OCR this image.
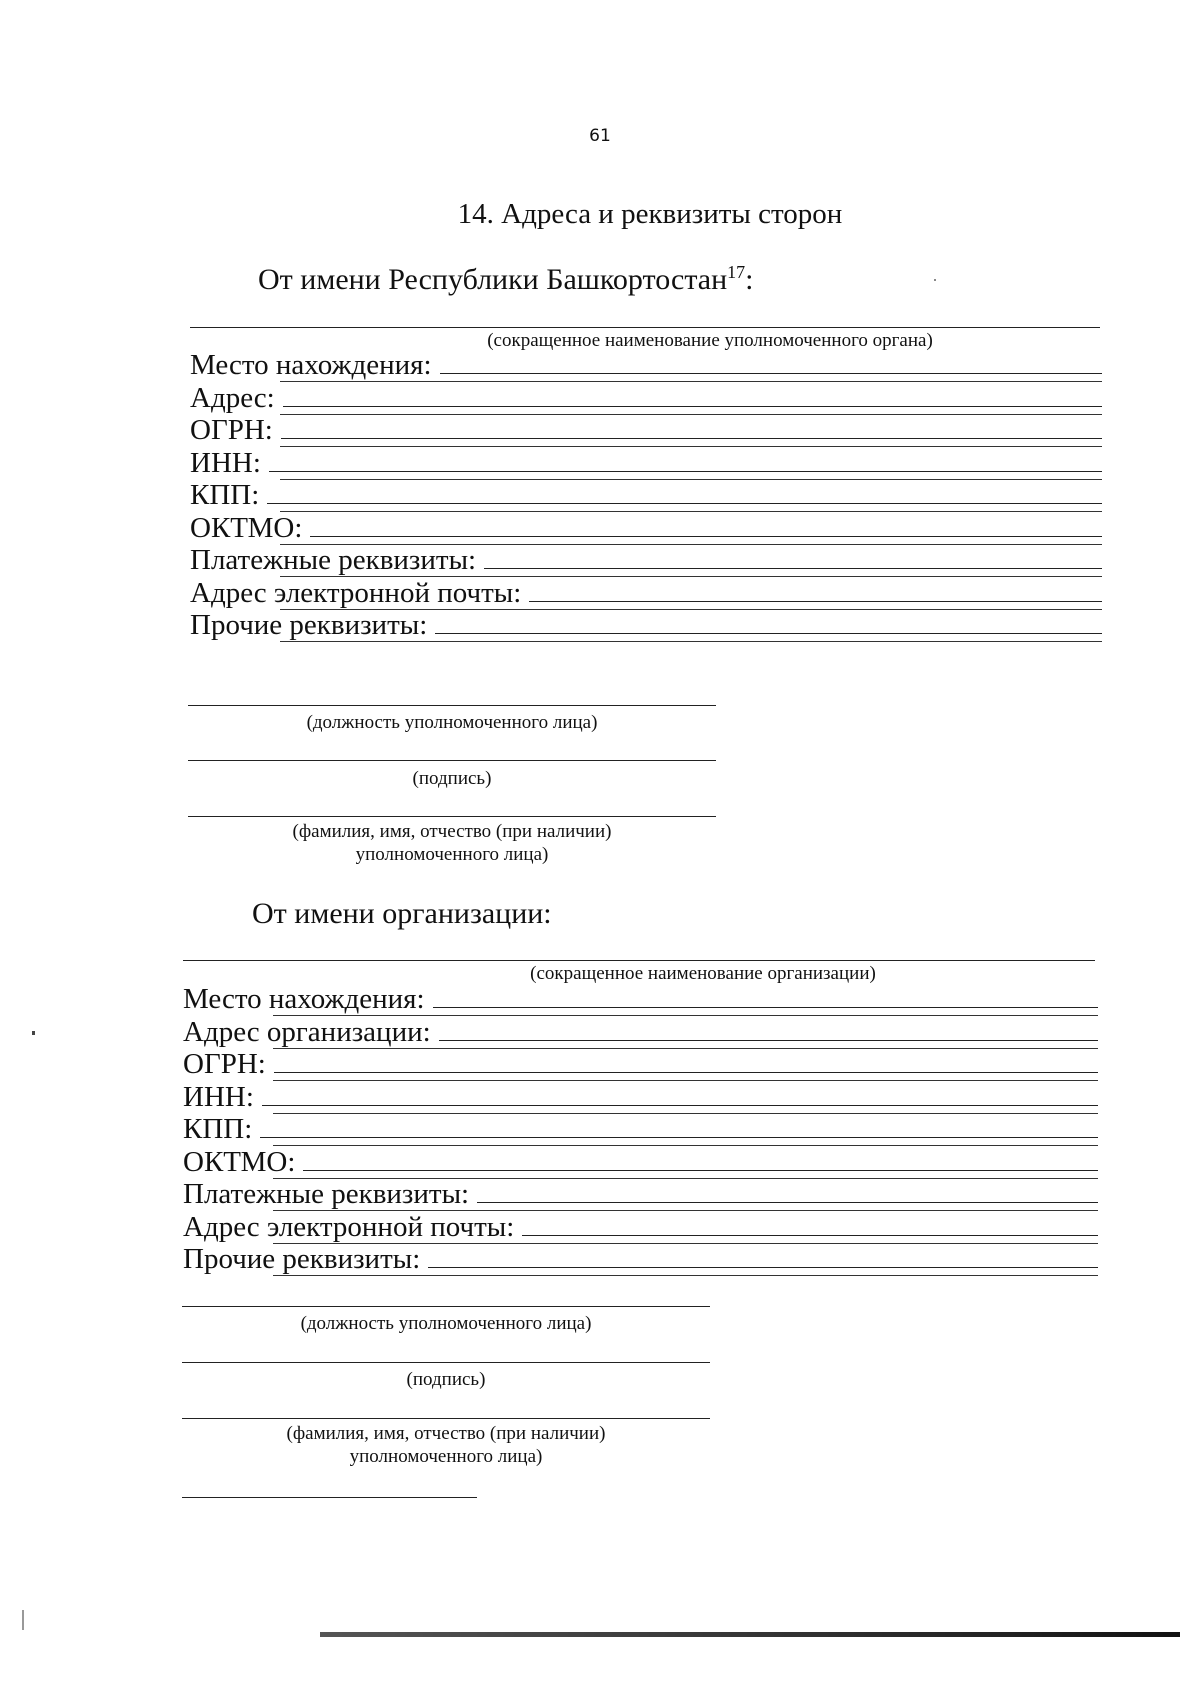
61
14. Адреса и реквизиты сторон
От имени Республики Башкортостан$^{17}$:
(сокращенное наименование уполномоченного органа)
Место нахождения:
Адрес:
ОГРН:
ИНН:
КПП:
ОКТМО:
Платежные реквизиты:
Адрес электронной почты:
Прочие реквизиты:
(должность уполномоченного лица)
(подпись)
(фамилия, имя, отчество (при наличии)
уполномоченного лица)
От имени организации:
(сокращенное наименование организации)
Место нахождения:
Адрес организации:
ОГРН:
ИНН:
КПП:
ОКТМО:
Платежные реквизиты:
Адрес электронной почты:
Прочие реквизиты:
(должность уполномоченного лица)
(подпись)
(фамилия, имя, отчество (при наличии)
уполномоченного лица)
